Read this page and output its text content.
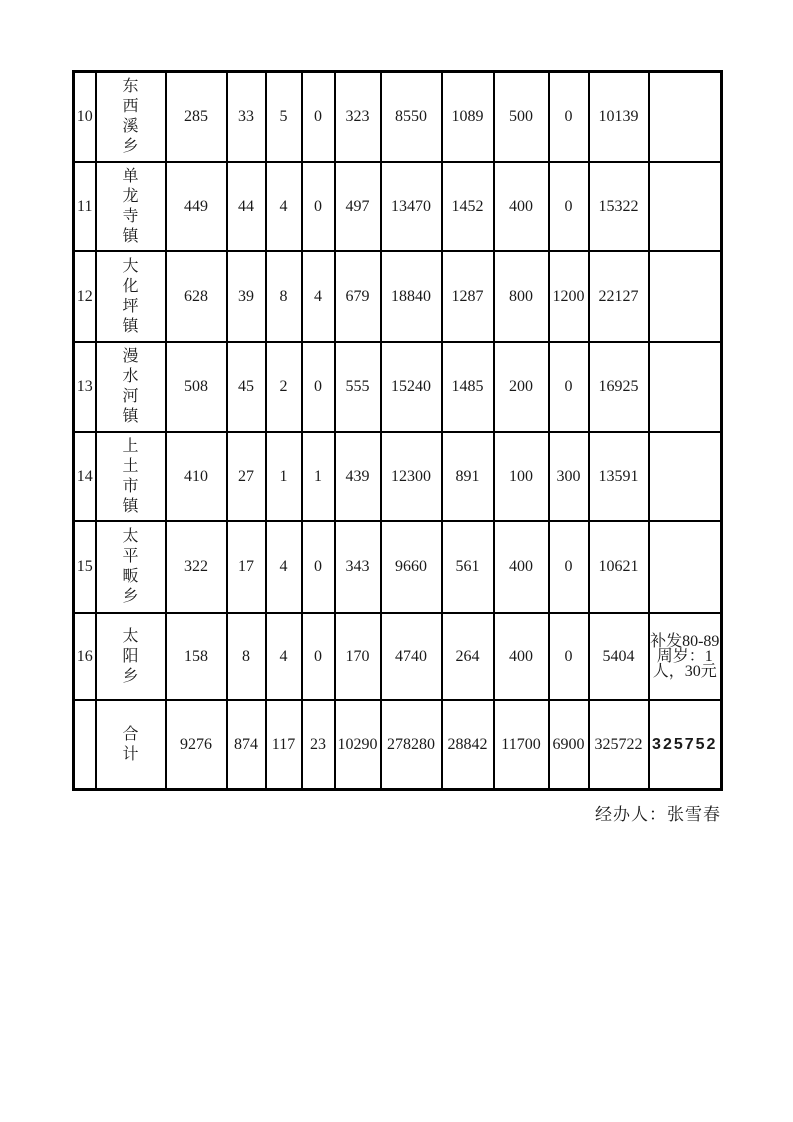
10	东西溪乡	285	33	5	0	323	8550	1089	500	0	10139	
11	单龙寺镇	449	44	4	0	497	13470	1452	400	0	15322	
12	大化坪镇	628	39	8	4	679	18840	1287	800	1200	22127	
13	漫水河镇	508	45	2	0	555	15240	1485	200	0	16925	
14	上土市镇	410	27	1	1	439	12300	891	100	300	13591	
15	太平畈乡	322	17	4	0	343	9660	561	400	0	10621	
16	太阳乡	158	8	4	0	170	4740	264	400	0	5404	补发80-89周岁：1人，30元
	合计	9276	874	117	23	10290	278280	28842	11700	6900	325722	325752
经办人：张雪春
